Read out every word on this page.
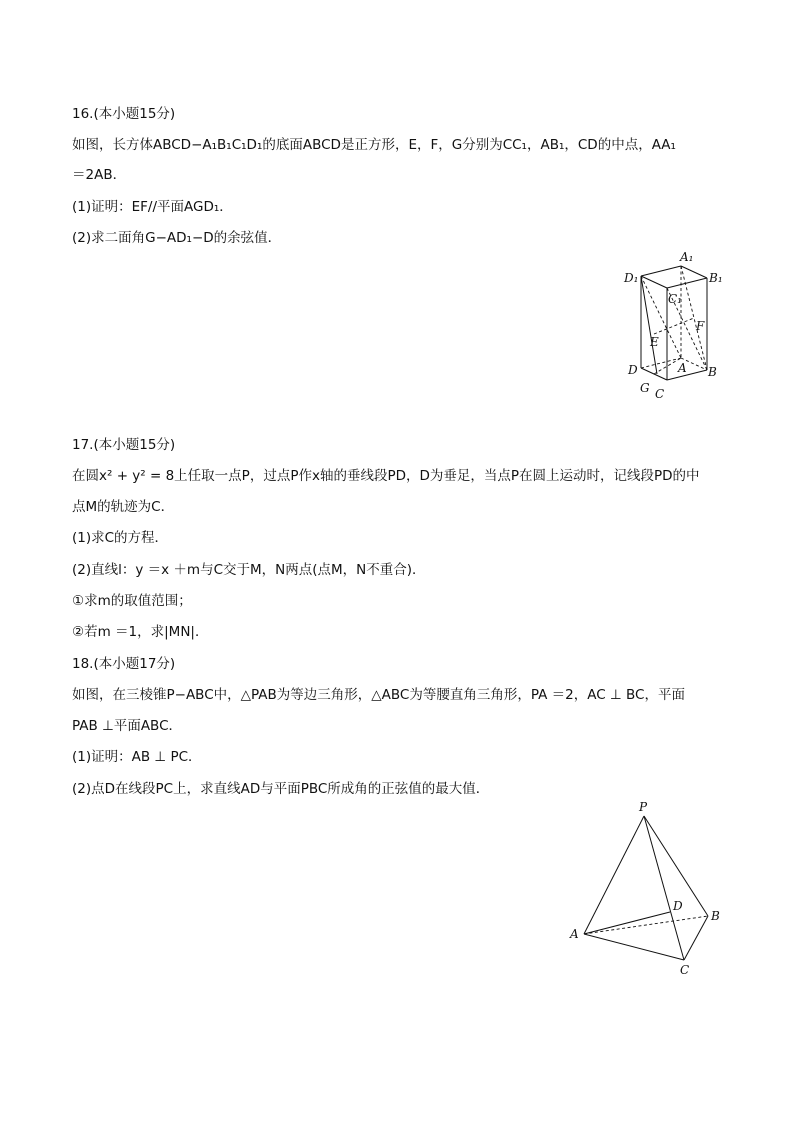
16.(本小题15分)
如图，长方体ABCD−A₁B₁C₁D₁的底面ABCD是正方形，E，F，G分别为CC₁，AB₁，CD的中点，AA₁
＝2AB．
(1)证明：EF//平面AGD₁．
(2)求二面角G−AD₁−D的余弦值．
A₁
D₁	B₁
C₁
F
E
D	A B
G C
17.(本小题15分)
在圆x² + y² = 8上任取一点P，过点P作x轴的垂线段PD，D为垂足，当点P在圆上运动时，记线段PD的中
点M的轨迹为C．
(1)求C的方程．
(2)直线l：y ＝x ＋m与C交于M，N两点(点M，N不重合)．
①求m的取值范围；
②若m ＝1，求|MN|．
18.(本小题17分)
如图，在三棱锥P−ABC中，△PAB为等边三角形，△ABC为等腰直角三角形，PA ＝2，AC ⊥ BC，平面
PAB ⊥平面ABC．
(1)证明：AB ⊥ PC．
(2)点D在线段PC上，求直线AD与平面PBC所成角的正弦值的最大值．
P
D
B
A
C
